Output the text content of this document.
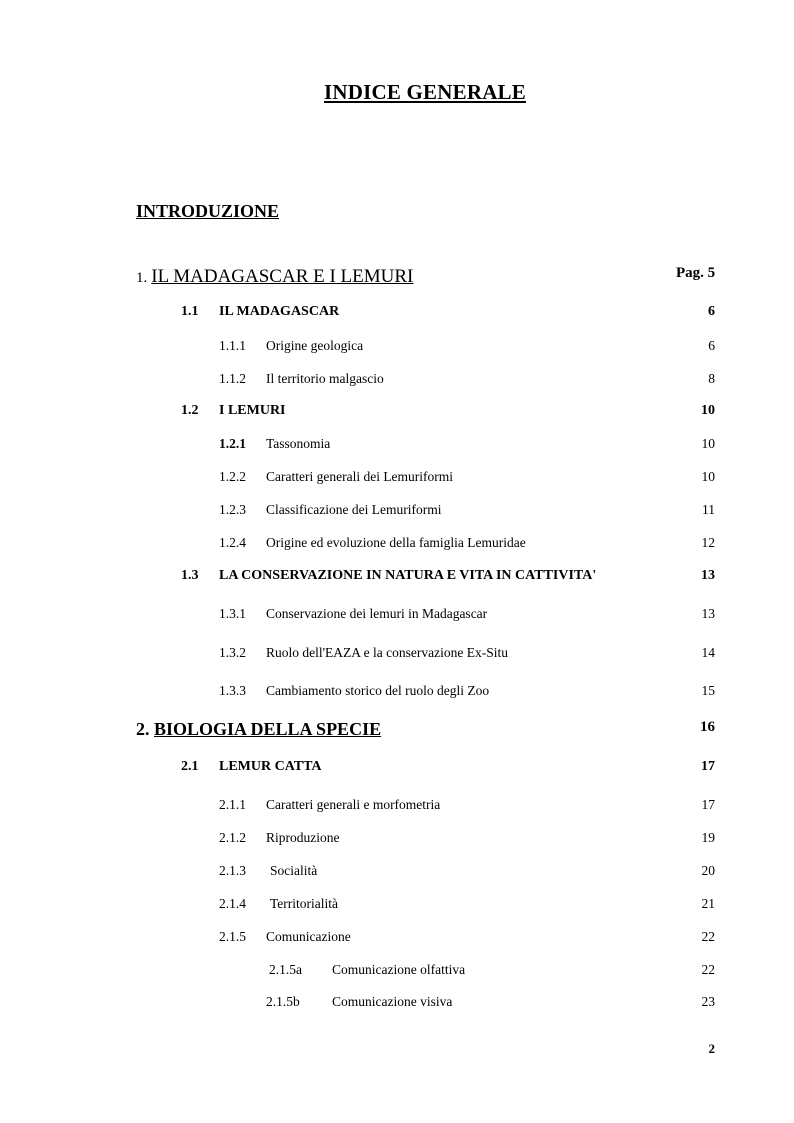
INDICE GENERALE
INTRODUZIONE
1. IL MADAGASCAR E I LEMURI	Pag. 5
1.1 IL MADAGASCAR	6
1.1.1 Origine geologica	6
1.1.2 Il territorio malgascio	8
1.2 I LEMURI	10
1.2.1 Tassonomia	10
1.2.2 Caratteri generali dei Lemuriformi	10
1.2.3 Classificazione dei Lemuriformi	11
1.2.4 Origine ed evoluzione della famiglia Lemuridae	12
1.3 LA CONSERVAZIONE IN NATURA E VITA IN CATTIVITA'	13
1.3.1 Conservazione dei lemuri in Madagascar	13
1.3.2 Ruolo dell'EAZA e la conservazione Ex-Situ	14
1.3.3 Cambiamento storico del ruolo degli Zoo	15
2. BIOLOGIA DELLA SPECIE	16
2.1 LEMUR CATTA	17
2.1.1 Caratteri generali e morfometria	17
2.1.2 Riproduzione	19
2.1.3 Socialità	20
2.1.4 Territorialità	21
2.1.5 Comunicazione	22
2.1.5a Comunicazione olfattiva	22
2.1.5b Comunicazione visiva	23
2
